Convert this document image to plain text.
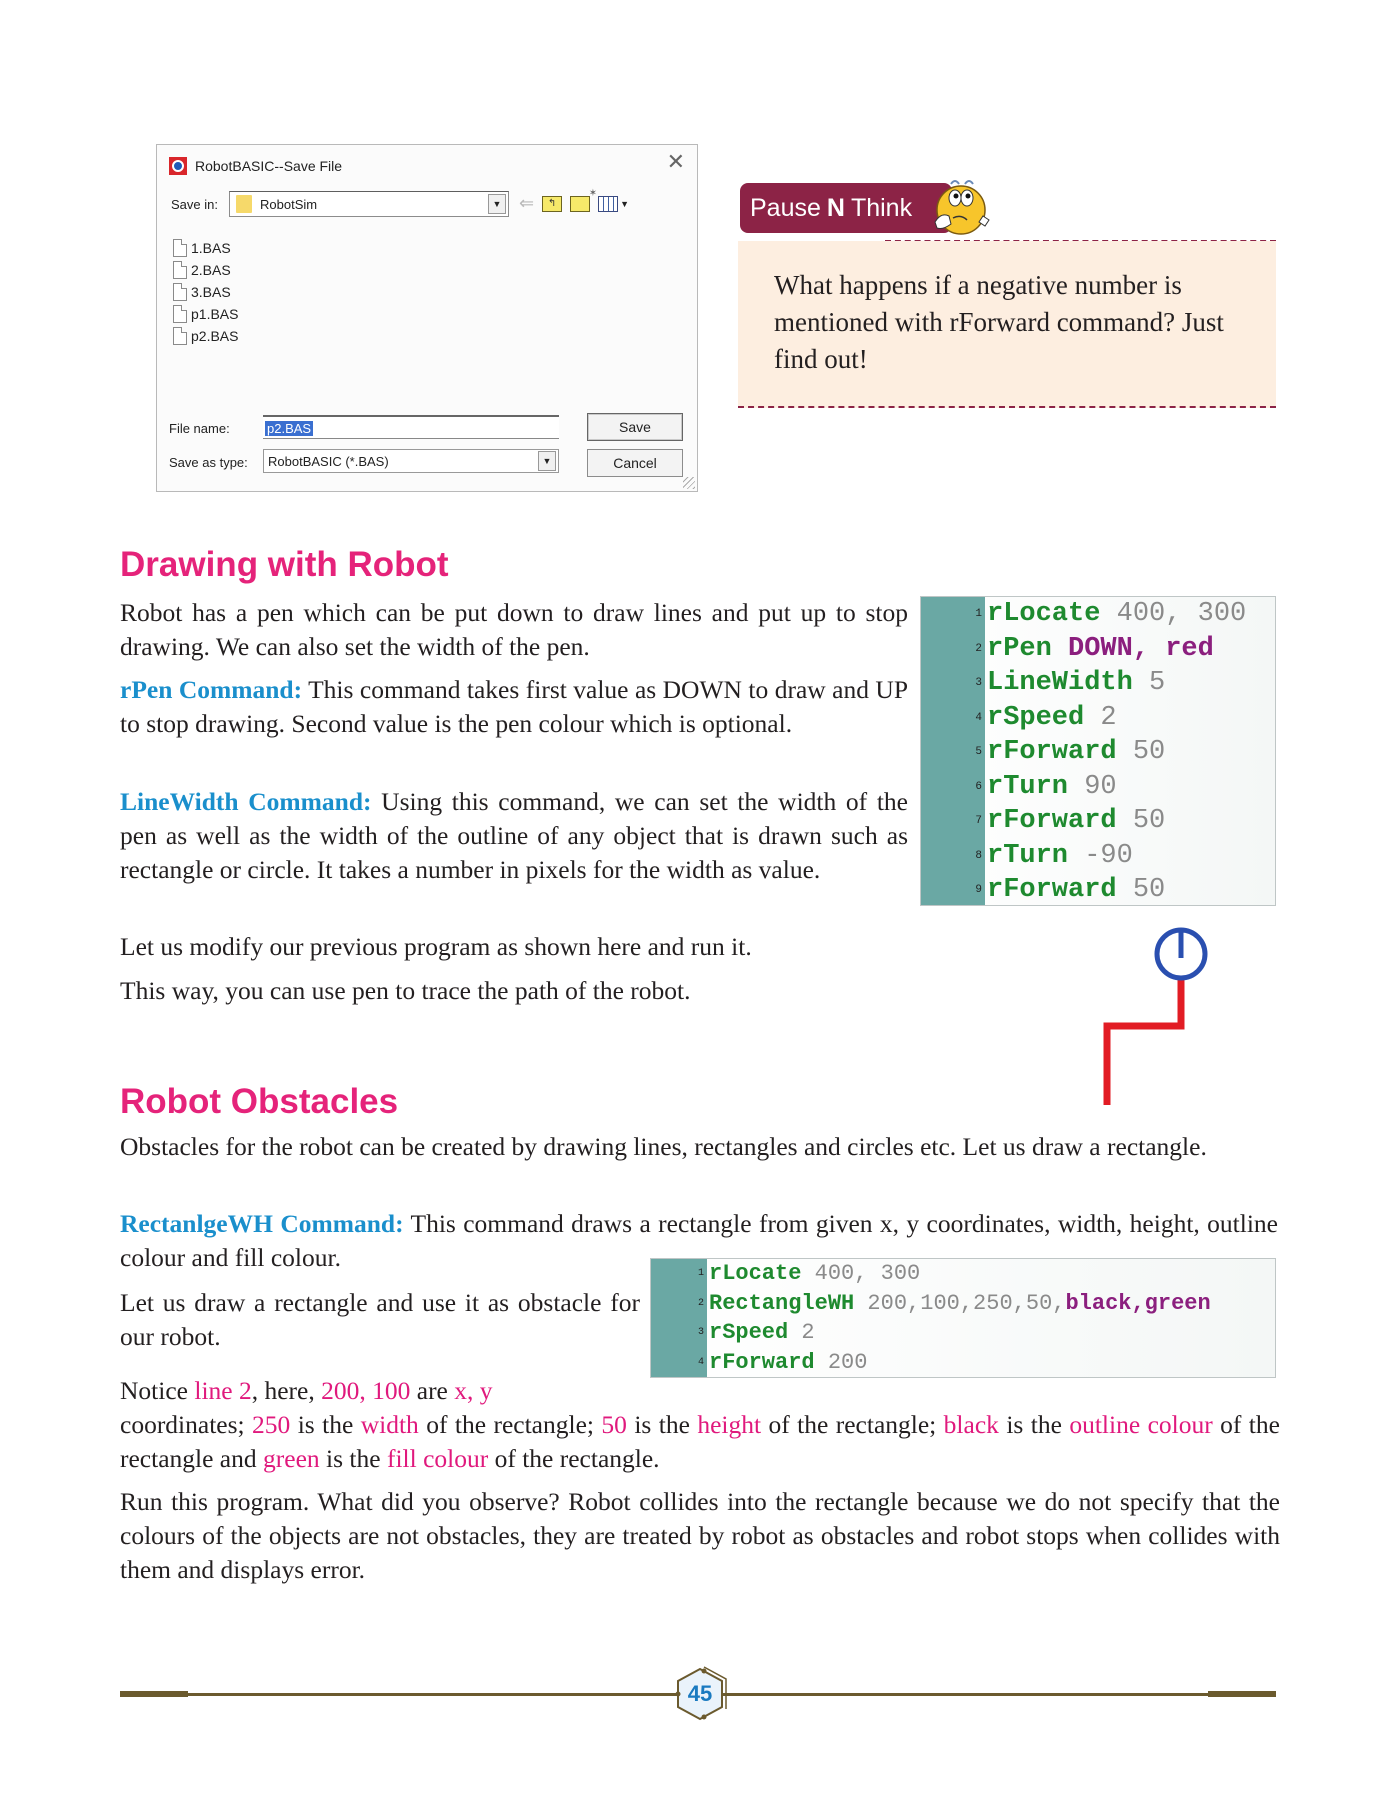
RobotBASIC--Save File	✕
Save in:	RobotSim	▼ ⇐	↰ ✶	▼
1.BAS
2.BAS
3.BAS
p1.BAS
p2.BAS
File name:	p2.BAS
Save as type: RobotBASIC (*.BAS)	▼
Save
Cancel
Pause N Think

What happens if a negative number is mentioned with rForward command? Just find out!

Drawing with Robot

Robot has a pen which can be put down to draw lines and put up to stop drawing. We can also set the width of the pen.

rPen Command: This command takes first value as DOWN to draw and UP to stop drawing. Second value is the pen colour which is optional.

LineWidth Command: Using this command, we can set the width of the pen as well as the width of the outline of any object that is drawn such as rectangle or circle. It takes a number in pixels for the width as value.

Let us modify our previous program as shown here and run it.

This way, you can use pen to trace the path of the robot.

1 rLocate 400, 300
2 rPen DOWN, red
3 LineWidth 5
4 rSpeed 2
5 rForward 50
6 rTurn 90
7 rForward 50
8 rTurn -90
9 rForward 50
Robot Obstacles

Obstacles for the robot can be created by drawing lines, rectangles and circles etc. Let us draw a rectangle.

RectanlgeWH Command: This command draws a rectangle from given x, y coordinates, width, height, outline colour and fill colour.

Let us draw a rectangle and use it as obstacle for our robot.

1 rLocate 400, 300
2 RectangleWH 200,100,250,50,black,green
3 rSpeed 2
4 rForward 200

Notice line 2, here, 200, 100 are x, y
coordinates; 250 is the width of the rectangle; 50 is the height of the rectangle; black is the outline colour of the rectangle and green is the fill colour of the rectangle.

Run this program. What did you observe? Robot collides into the rectangle because we do not specify that the colours of the objects are not obstacles, they are treated by robot as obstacles and robot stops when collides with them and displays error.

45
